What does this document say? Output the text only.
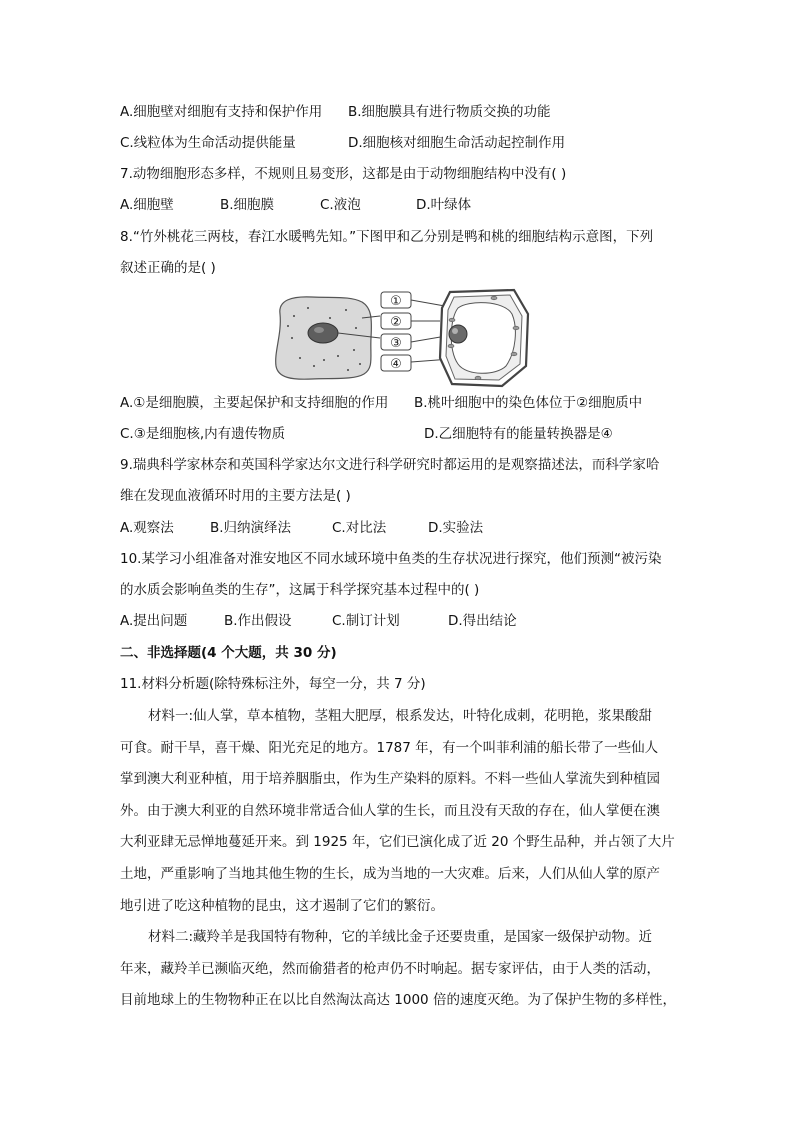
A.细胞壁对细胞有支持和保护作用	B.细胞膜具有进行物质交换的功能
C.线粒体为生命活动提供能量	D.细胞核对细胞生命活动起控制作用
7.动物细胞形态多样，不规则且易变形，这都是由于动物细胞结构中没有( )
A.细胞壁	B.细胞膜	C.液泡	D.叶绿体
8.“竹外桃花三两枝，春江水暖鸭先知。”下图甲和乙分别是鸭和桃的细胞结构示意图，下列
叙述正确的是( )
①
②
③
④
A.①是细胞膜，主要起保护和支持细胞的作用	B.桃叶细胞中的染色体位于②细胞质中
C.③是细胞核,内有遗传物质	D.乙细胞特有的能量转换器是④
9.瑞典科学家林奈和英国科学家达尔文进行科学研究时都运用的是观察描述法，而科学家哈
维在发现血液循环时用的主要方法是( )
A.观察法	B.归纳演绎法	C.对比法	D.实验法
10.某学习小组准备对淮安地区不同水域环境中鱼类的生存状况进行探究，他们预测“被污染
的水质会影响鱼类的生存”，这属于科学探究基本过程中的( )
A.提出问题	B.作出假设	C.制订计划	D.得出结论
二、非选择题(4 个大题，共 30 分)
11.材料分析题(除特殊标注外，每空一分，共 7 分)
材料一:仙人掌，草本植物，茎粗大肥厚，根系发达，叶特化成刺，花明艳，浆果酸甜
可食。耐干旱，喜干燥、阳光充足的地方。1787 年，有一个叫菲利浦的船长带了一些仙人
掌到澳大利亚种植，用于培养胭脂虫，作为生产染料的原料。不料一些仙人掌流失到种植园
外。由于澳大利亚的自然环境非常适合仙人掌的生长，而且没有天敌的存在，仙人掌便在澳
大利亚肆无忌惮地蔓延开来。到 1925 年，它们已演化成了近 20 个野生品种，并占领了大片
土地，严重影响了当地其他生物的生长，成为当地的一大灾难。后来，人们从仙人掌的原产
地引进了吃这种植物的昆虫，这才遏制了它们的繁衍。
材料二:藏羚羊是我国特有物种，它的羊绒比金子还要贵重，是国家一级保护动物。近
年来，藏羚羊已濒临灭绝，然而偷猎者的枪声仍不时响起。据专家评估，由于人类的活动，
目前地球上的生物物种正在以比自然淘汰高达 1000 倍的速度灭绝。为了保护生物的多样性，
